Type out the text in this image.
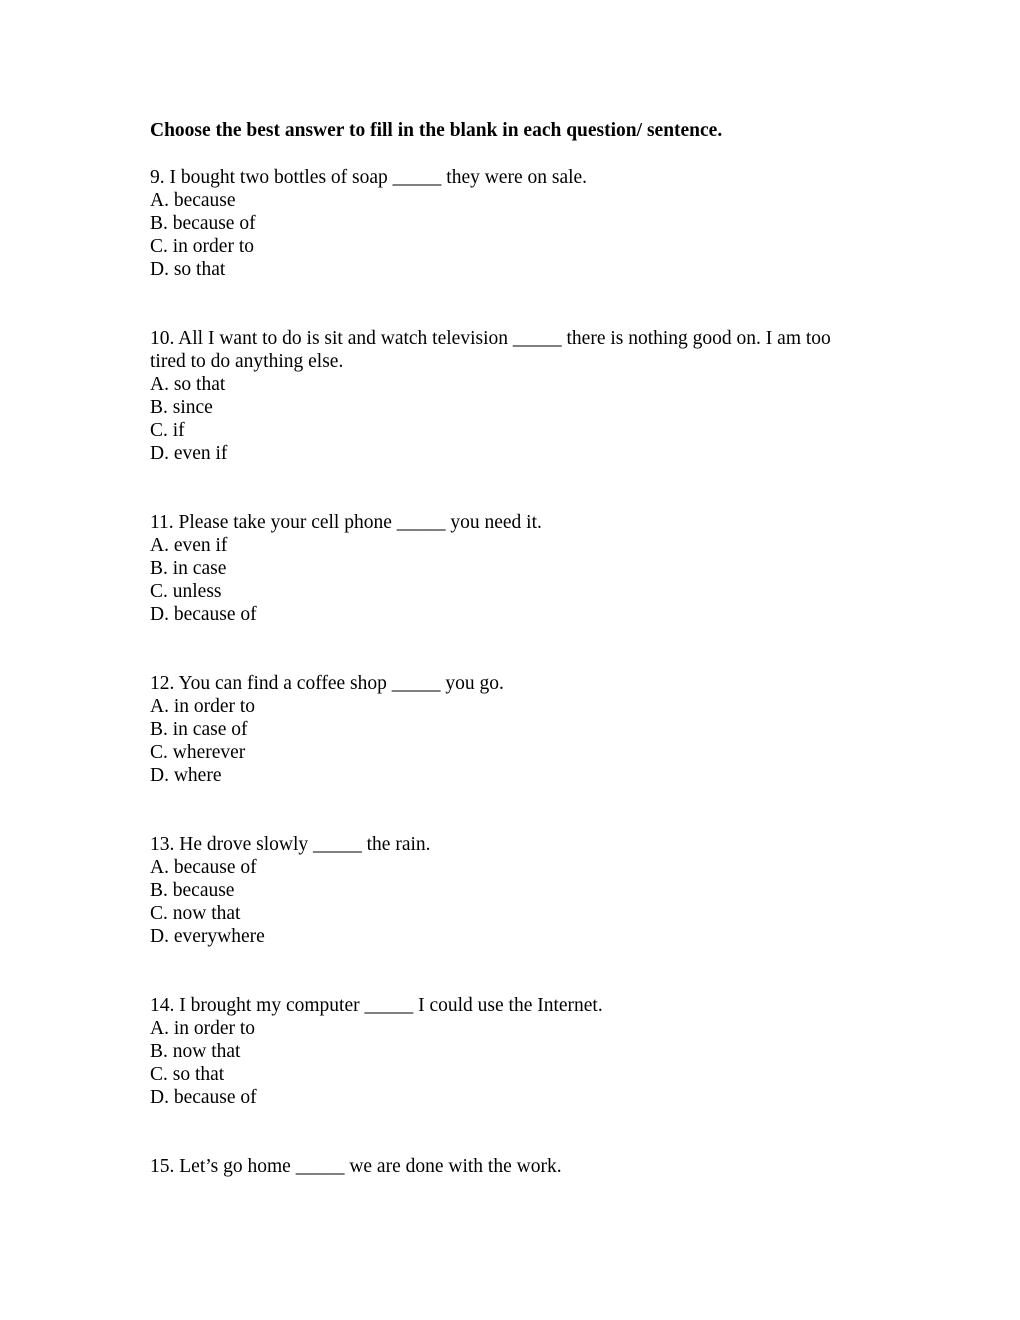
Choose the best answer to fill in the blank in each question/ sentence.
9. I bought two bottles of soap _____ they were on sale.
A. because
B. because of
C. in order to
D. so that
10. All I want to do is sit and watch television _____ there is nothing good on. I am too tired to do anything else.
A. so that
B. since
C. if
D. even if
11. Please take your cell phone _____ you need it.
A. even if
B. in case
C. unless
D. because of
12. You can find a coffee shop _____ you go.
A. in order to
B. in case of
C. wherever
D. where
13. He drove slowly _____ the rain.
A. because of
B. because
C. now that
D. everywhere
14. I brought my computer _____ I could use the Internet.
A. in order to
B. now that
C. so that
D. because of
15. Let’s go home _____ we are done with the work.
